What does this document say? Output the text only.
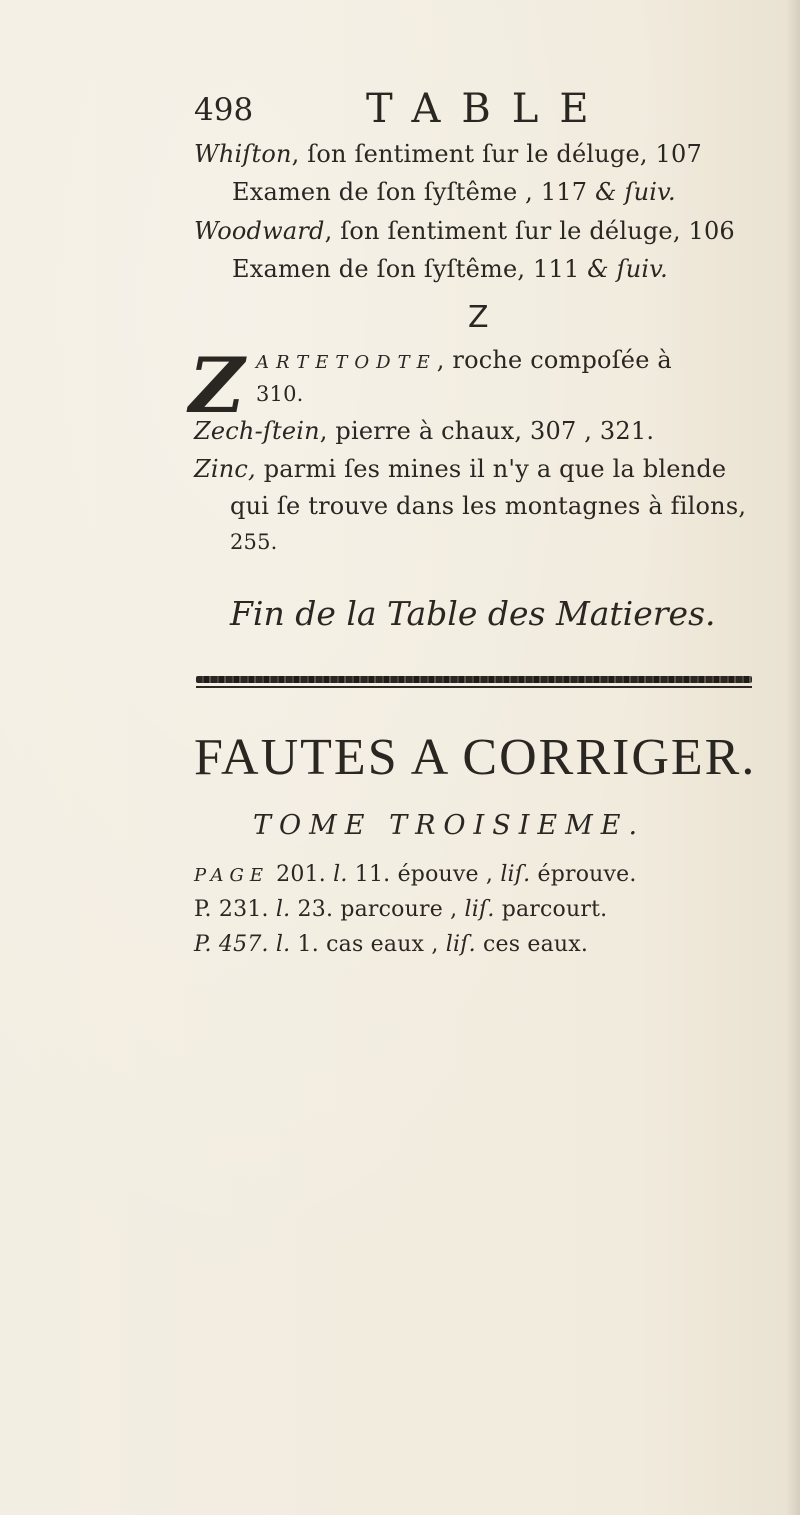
498	TABLE
Whiſton, ſon ſentiment ſur le déluge, 107
Examen de ſon ſyſtême , 117 & ſuiv.
Woodward, ſon ſentiment ſur le déluge, 106
Examen de ſon ſyſtême, 111 & ſuiv.
Z
Z ARTETODTE, roche compoſée à
310.
Zech-ſtein, pierre à chaux, 307 , 321.
Zinc, parmi ſes mines il n'y a que la blende
qui ſe trouve dans les montagnes à filons,
255.
Fin de la Table des Matieres.
FAUTES A CORRIGER.
TOME TROISIEME.
PAGE 201. l. 11. épouve , liſ. éprouve.
P. 231. l. 23. parcoure , liſ. parcourt.
P. 457. l. 1. cas eaux , liſ. ces eaux.
